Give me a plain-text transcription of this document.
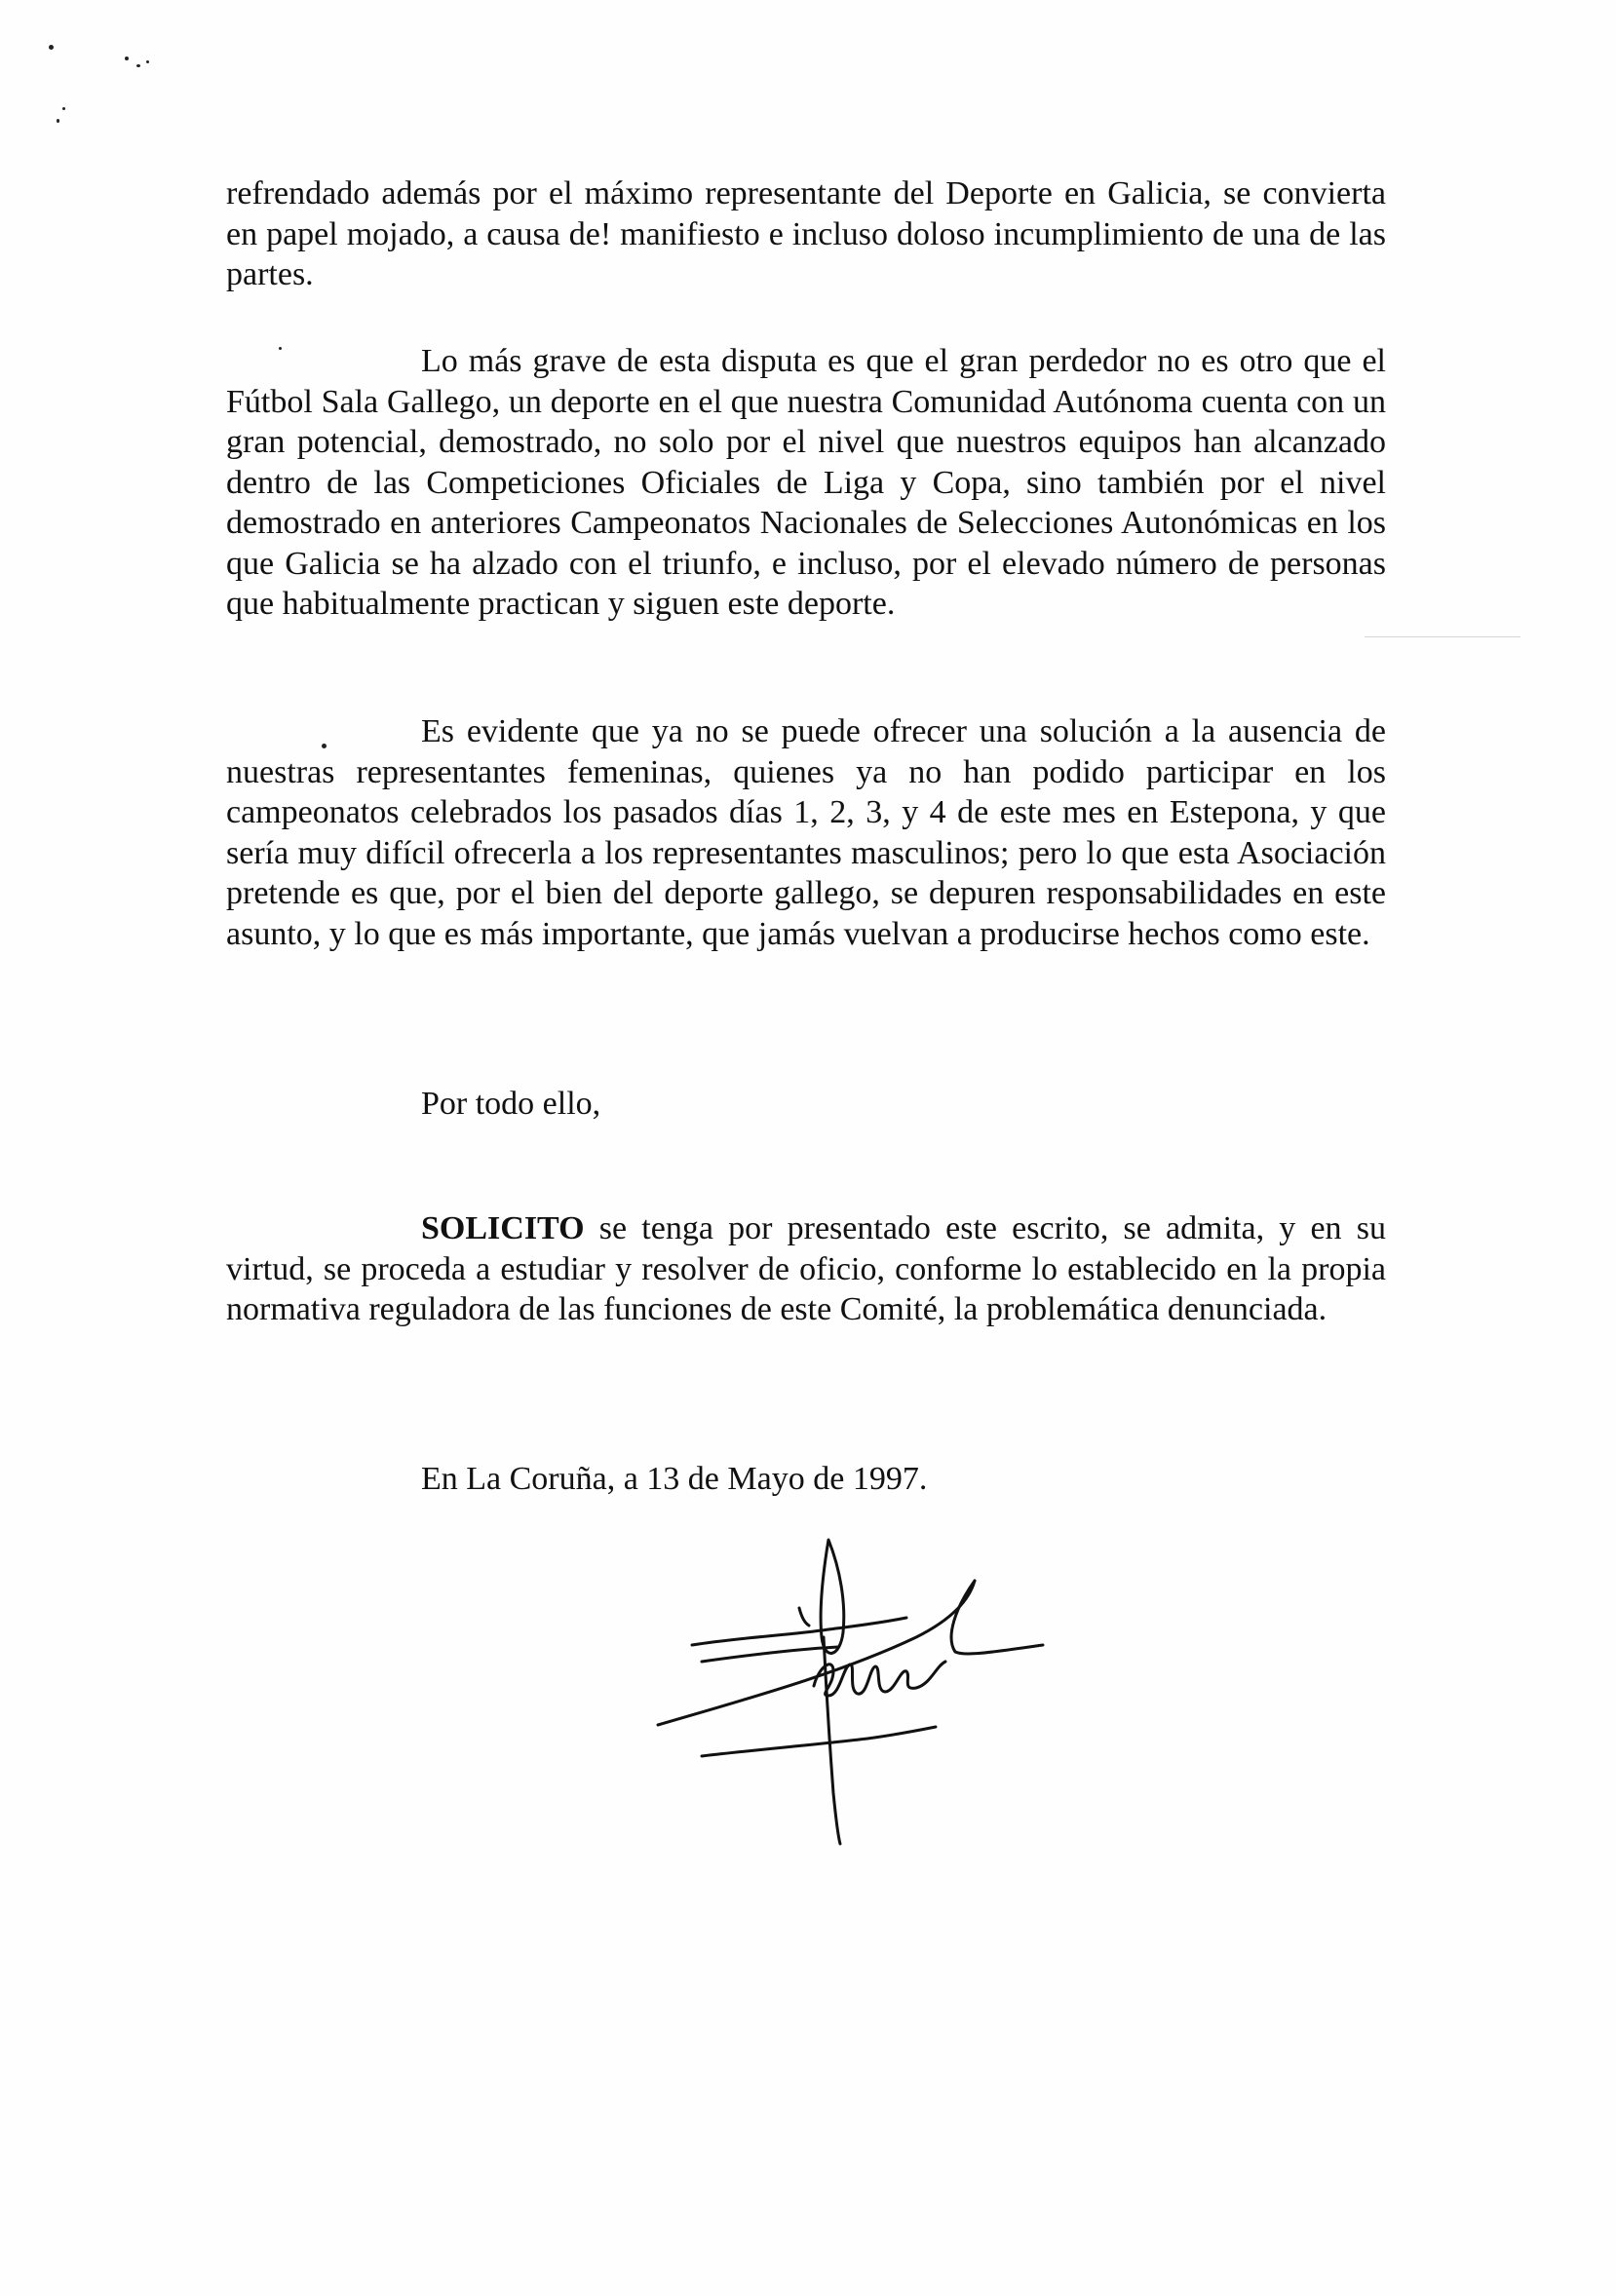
refrendado además por el máximo representante del Deporte en Galicia, se convierta en papel mojado, a causa de! manifiesto e incluso doloso incumplimiento de una de las partes.

Lo más grave de esta disputa es que el gran perdedor no es otro que el Fútbol Sala Gallego, un deporte en el que nuestra Comunidad Autónoma cuenta con un gran potencial, demostrado, no solo por el nivel que nuestros equipos han alcanzado dentro de las Competiciones Oficiales de Liga y Copa, sino también por el nivel demostrado en anteriores Campeonatos Nacionales de Selecciones Autonómicas en los que Galicia se ha alzado con el triunfo, e incluso, por el elevado número de personas que habitualmente practican y siguen este deporte.

Es evidente que ya no se puede ofrecer una solución a la ausencia de nuestras representantes femeninas, quienes ya no han podido participar en los campeonatos celebrados los pasados días 1, 2, 3, y 4 de este mes en Estepona, y que sería muy difícil ofrecerla a los representantes masculinos; pero lo que esta Asociación pretende es que, por el bien del deporte gallego, se depuren responsabilidades en este asunto, y lo que es más importante, que jamás vuelvan a producirse hechos como este.

Por todo ello,

SOLICITO se tenga por presentado este escrito, se admita, y en su virtud, se proceda a estudiar y resolver de oficio, conforme lo establecido en la propia normativa reguladora de las funciones de este Comité, la problemática denunciada.

En La Coruña, a 13 de Mayo de 1997.
